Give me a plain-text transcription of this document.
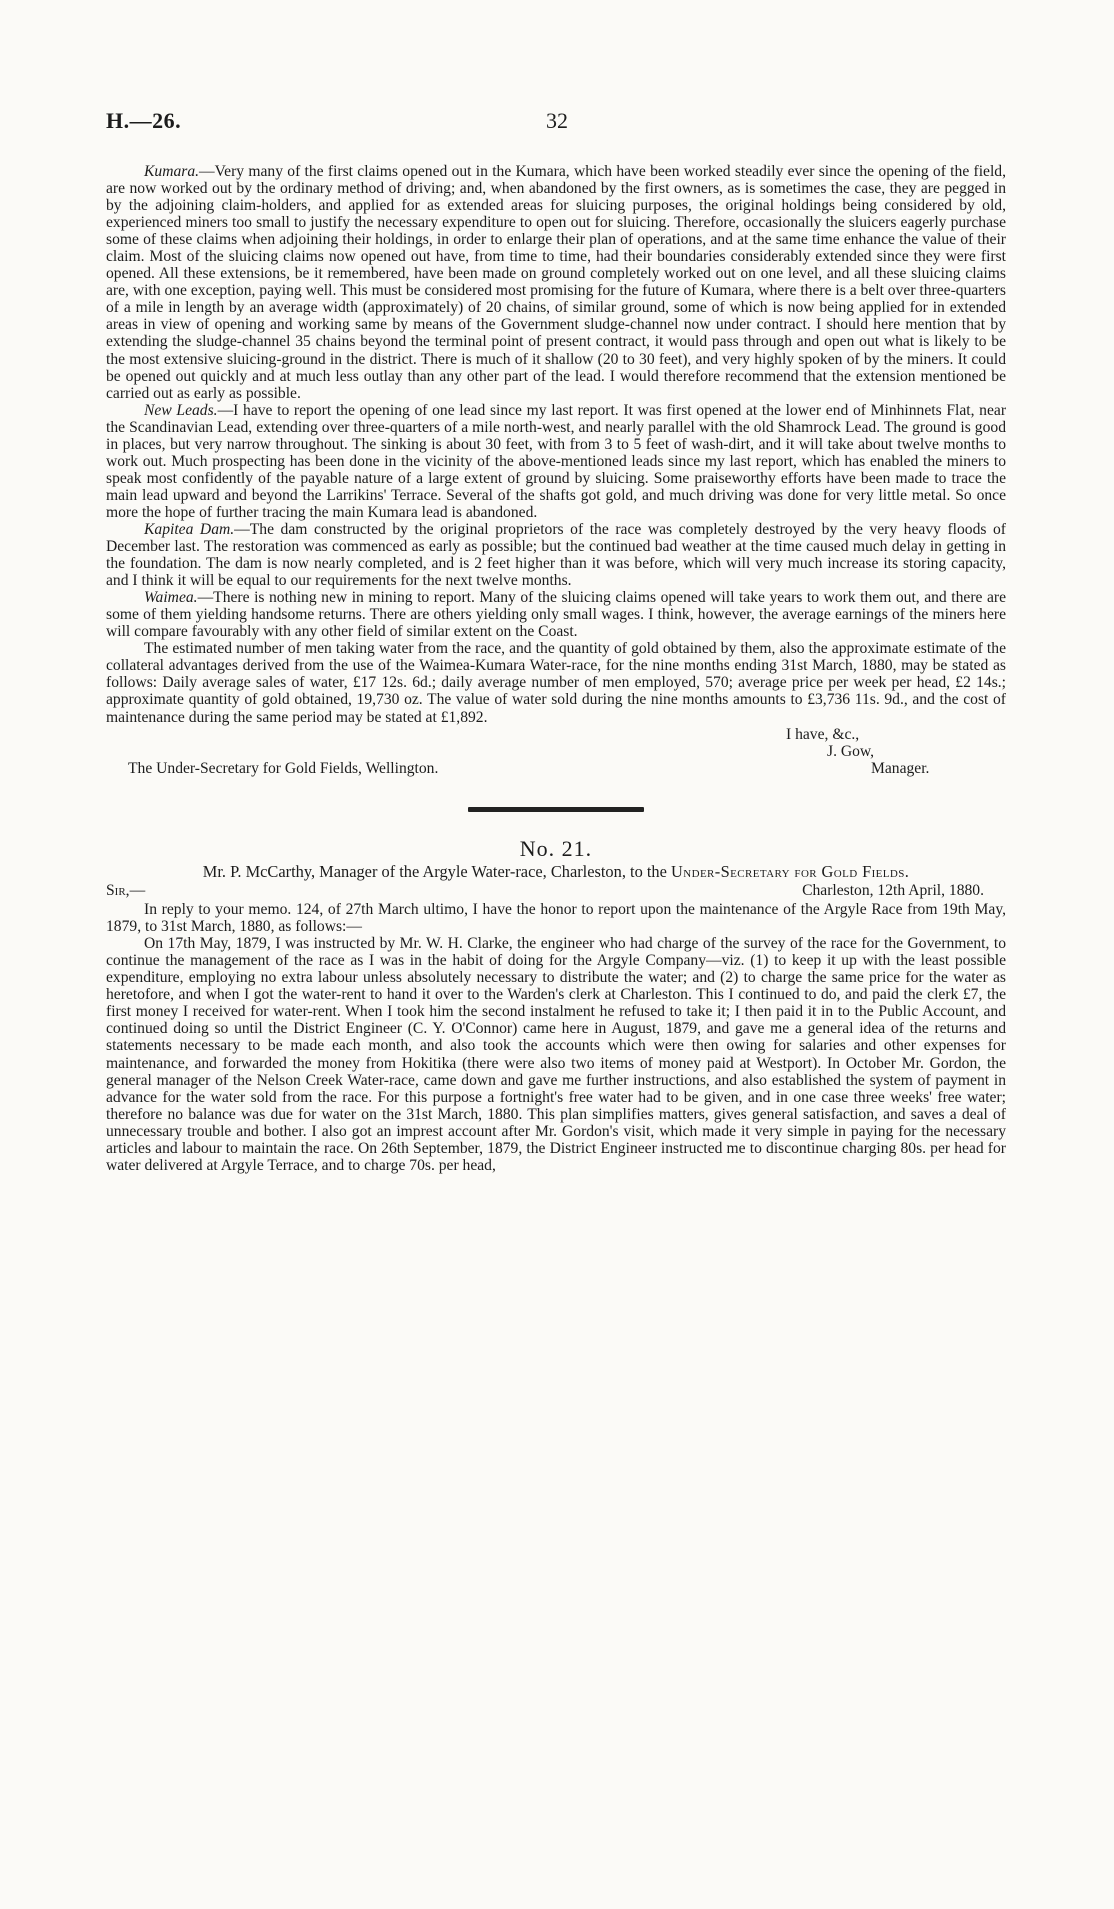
H.—26.	32

Kumara.—Very many of the first claims opened out in the Kumara, which have been worked steadily ever since the opening of the field, are now worked out by the ordinary method of driving; and, when abandoned by the first owners, as is sometimes the case, they are pegged in by the adjoining claim-holders, and applied for as extended areas for sluicing purposes, the original holdings being considered by old, experienced miners too small to justify the necessary expenditure to open out for sluicing. Therefore, occasionally the sluicers eagerly purchase some of these claims when adjoining their holdings, in order to enlarge their plan of operations, and at the same time enhance the value of their claim. Most of the sluicing claims now opened out have, from time to time, had their boundaries considerably extended since they were first opened. All these extensions, be it remembered, have been made on ground completely worked out on one level, and all these sluicing claims are, with one exception, paying well. This must be considered most promising for the future of Kumara, where there is a belt over three-quarters of a mile in length by an average width (approximately) of 20 chains, of similar ground, some of which is now being applied for in extended areas in view of opening and working same by means of the Government sludge-channel now under contract. I should here mention that by extending the sludge-channel 35 chains beyond the terminal point of present contract, it would pass through and open out what is likely to be the most extensive sluicing-ground in the district. There is much of it shallow (20 to 30 feet), and very highly spoken of by the miners. It could be opened out quickly and at much less outlay than any other part of the lead. I would therefore recommend that the extension mentioned be carried out as early as possible.

New Leads.—I have to report the opening of one lead since my last report. It was first opened at the lower end of Minhinnets Flat, near the Scandinavian Lead, extending over three-quarters of a mile north-west, and nearly parallel with the old Shamrock Lead. The ground is good in places, but very narrow throughout. The sinking is about 30 feet, with from 3 to 5 feet of wash-dirt, and it will take about twelve months to work out. Much prospecting has been done in the vicinity of the above-mentioned leads since my last report, which has enabled the miners to speak most confidently of the payable nature of a large extent of ground by sluicing. Some praiseworthy efforts have been made to trace the main lead upward and beyond the Larrikins' Terrace. Several of the shafts got gold, and much driving was done for very little metal. So once more the hope of further tracing the main Kumara lead is abandoned.

Kapitea Dam.—The dam constructed by the original proprietors of the race was completely destroyed by the very heavy floods of December last. The restoration was commenced as early as possible; but the continued bad weather at the time caused much delay in getting in the foundation. The dam is now nearly completed, and is 2 feet higher than it was before, which will very much increase its storing capacity, and I think it will be equal to our requirements for the next twelve months.

Waimea.—There is nothing new in mining to report. Many of the sluicing claims opened will take years to work them out, and there are some of them yielding handsome returns. There are others yielding only small wages. I think, however, the average earnings of the miners here will compare favourably with any other field of similar extent on the Coast.

The estimated number of men taking water from the race, and the quantity of gold obtained by them, also the approximate estimate of the collateral advantages derived from the use of the Waimea-Kumara Water-race, for the nine months ending 31st March, 1880, may be stated as follows: Daily average sales of water, £17 12s. 6d.; daily average number of men employed, 570; average price per week per head, £2 14s.; approximate quantity of gold obtained, 19,730 oz. The value of water sold during the nine months amounts to £3,736 11s. 9d., and the cost of maintenance during the same period may be stated at £1,892.

I have, &c.,
J. Gow,
The Under-Secretary for Gold Fields, Wellington.	Manager.
No. 21.

Mr. P. McCarthy, Manager of the Argyle Water-race, Charleston, to the Under-Secretary for Gold Fields.

Sir,—	Charleston, 12th April, 1880.

In reply to your memo. 124, of 27th March ultimo, I have the honor to report upon the maintenance of the Argyle Race from 19th May, 1879, to 31st March, 1880, as follows:—

On 17th May, 1879, I was instructed by Mr. W. H. Clarke, the engineer who had charge of the survey of the race for the Government, to continue the management of the race as I was in the habit of doing for the Argyle Company—viz. (1) to keep it up with the least possible expenditure, employing no extra labour unless absolutely necessary to distribute the water; and (2) to charge the same price for the water as heretofore, and when I got the water-rent to hand it over to the Warden's clerk at Charleston. This I continued to do, and paid the clerk £7, the first money I received for water-rent. When I took him the second instalment he refused to take it; I then paid it in to the Public Account, and continued doing so until the District Engineer (C. Y. O'Connor) came here in August, 1879, and gave me a general idea of the returns and statements necessary to be made each month, and also took the accounts which were then owing for salaries and other expenses for maintenance, and forwarded the money from Hokitika (there were also two items of money paid at Westport). In October Mr. Gordon, the general manager of the Nelson Creek Water-race, came down and gave me further instructions, and also established the system of payment in advance for the water sold from the race. For this purpose a fortnight's free water had to be given, and in one case three weeks' free water; therefore no balance was due for water on the 31st March, 1880. This plan simplifies matters, gives general satisfaction, and saves a deal of unnecessary trouble and bother. I also got an imprest account after Mr. Gordon's visit, which made it very simple in paying for the necessary articles and labour to maintain the race. On 26th September, 1879, the District Engineer instructed me to discontinue charging 80s. per head for water delivered at Argyle Terrace, and to charge 70s. per head,
